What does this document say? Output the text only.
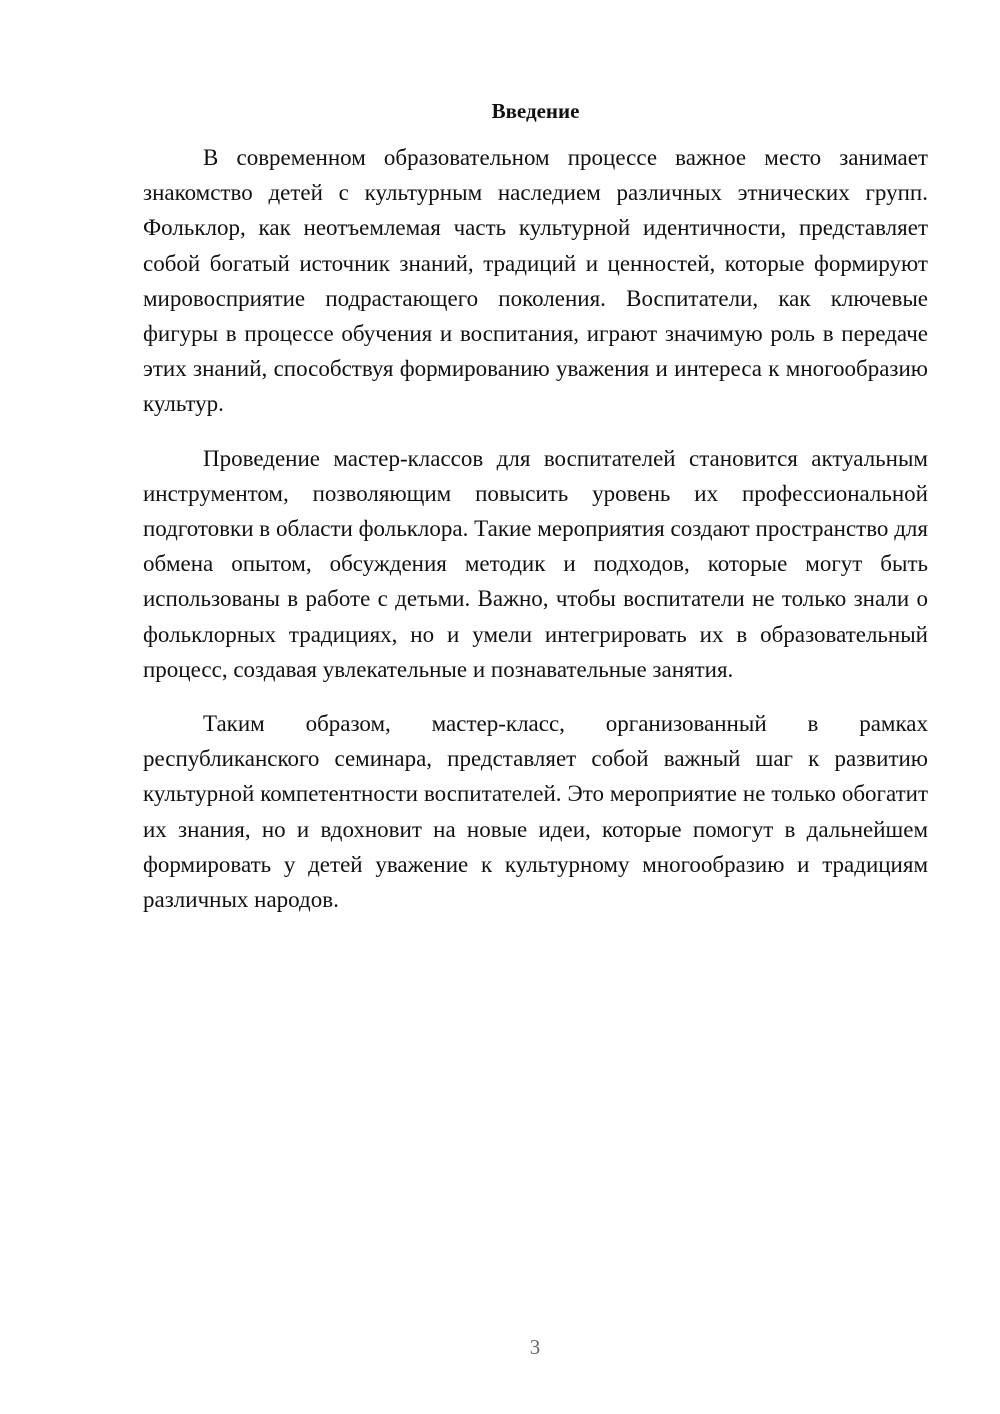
Введение

В современном образовательном процессе важное место занимает знакомство детей с культурным наследием различных этнических групп. Фольклор, как неотъемлемая часть культурной идентичности, представляет собой богатый источник знаний, традиций и ценностей, которые формируют мировосприятие подрастающего поколения. Воспитатели, как ключевые фигуры в процессе обучения и воспитания, играют значимую роль в передаче этих знаний, способствуя формированию уважения и интереса к многообразию культур.

Проведение мастер-классов для воспитателей становится актуальным инструментом, позволяющим повысить уровень их профессиональной подготовки в области фольклора. Такие мероприятия создают пространство для обмена опытом, обсуждения методик и подходов, которые могут быть использованы в работе с детьми. Важно, чтобы воспитатели не только знали о фольклорных традициях, но и умели интегрировать их в образовательный процесс, создавая увлекательные и познавательные занятия.

Таким образом, мастер-класс, организованный в рамках республиканского семинара, представляет собой важный шаг к развитию культурной компетентности воспитателей. Это мероприятие не только обогатит их знания, но и вдохновит на новые идеи, которые помогут в дальнейшем формировать у детей уважение к культурному многообразию и традициям различных народов.

3
